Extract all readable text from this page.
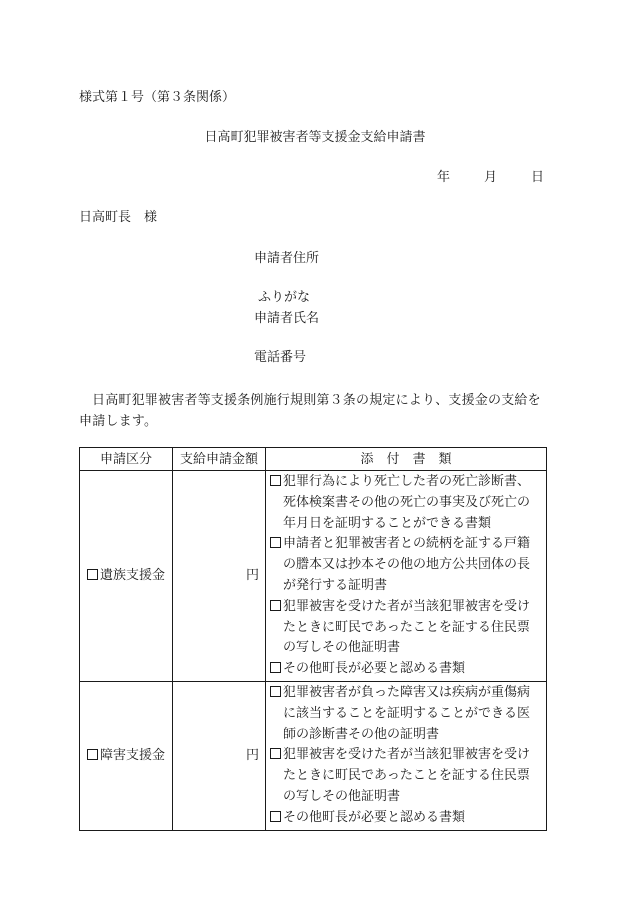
様式第１号（第３条関係）
日高町犯罪被害者等支援金支給申請書
年	月	日
日高町長　様
申請者住所
ふりがな
申請者氏名
電話番号
日高町犯罪被害者等支援条例施行規則第３条の規定により、支援金の支給を申請します。
申請区分	支給申請金額	添　付　書　類
遺族支援金	円	犯罪行為により死亡した者の死亡診断書、死体検案書その他の死亡の事実及び死亡の年月日を証明することができる書類
申請者と犯罪被害者との続柄を証する戸籍の謄本又は抄本その他の地方公共団体の長が発行する証明書
犯罪被害を受けた者が当該犯罪被害を受けたときに町民であったことを証する住民票の写しその他証明書
その他町長が必要と認める書類

障害支援金	円	犯罪被害者が負った障害又は疾病が重傷病に該当することを証明することができる医師の診断書その他の証明書
犯罪被害を受けた者が当該犯罪被害を受けたときに町民であったことを証する住民票の写しその他証明書
その他町長が必要と認める書類
